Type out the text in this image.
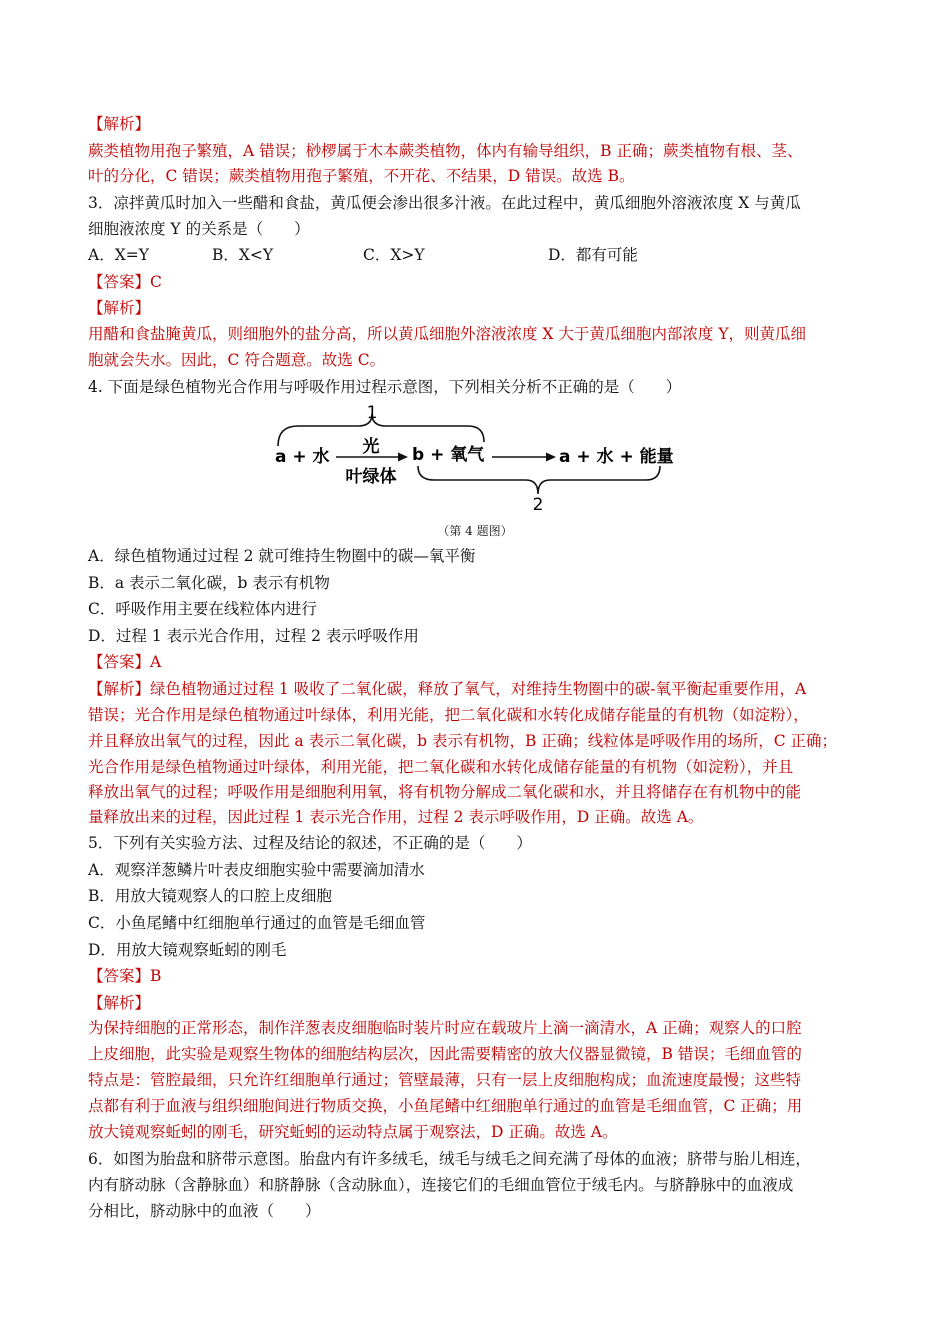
【解析】
蕨类植物用孢子繁殖，A 错误；桫椤属于木本蕨类植物，体内有输导组织，B 正确；蕨类植物有根、茎、
叶的分化，C 错误；蕨类植物用孢子繁殖，不开花、不结果，D 错误。故选 B。
3．凉拌黄瓜时加入一些醋和食盐，黄瓜便会渗出很多汁液。在此过程中，黄瓜细胞外溶液浓度 X 与黄瓜
细胞液浓度 Y 的关系是（　　）
A．X=Y	B．X<Y	C．X>Y	D．都有可能
【答案】C
【解析】
用醋和食盐腌黄瓜，则细胞外的盐分高，所以黄瓜细胞外溶液浓度 X 大于黄瓜细胞内部浓度 Y，则黄瓜细
胞就会失水。因此，C 符合题意。故选 C。
4. 下面是绿色植物光合作用与呼吸作用过程示意图，下列相关分析不正确的是（　　）
1
a + 水 光
叶绿体
b + 氧气	a + 水 + 能量
2
（第 4 题图）
A．绿色植物通过过程 2 就可维持生物圈中的碳—氧平衡
B．a 表示二氧化碳，b 表示有机物
C．呼吸作用主要在线粒体内进行
D．过程 1 表示光合作用，过程 2 表示呼吸作用
【答案】A
【解析】绿色植物通过过程 1 吸收了二氧化碳，释放了氧气，对维持生物圈中的碳-氧平衡起重要作用，A
错误；光合作用是绿色植物通过叶绿体，利用光能，把二氧化碳和水转化成储存能量的有机物（如淀粉），
并且释放出氧气的过程，因此 a 表示二氧化碳，b 表示有机物，B 正确；线粒体是呼吸作用的场所，C 正确；
光合作用是绿色植物通过叶绿体，利用光能，把二氧化碳和水转化成储存能量的有机物（如淀粉），并且
释放出氧气的过程；呼吸作用是细胞利用氧，将有机物分解成二氧化碳和水，并且将储存在有机物中的能
量释放出来的过程，因此过程 1 表示光合作用，过程 2 表示呼吸作用，D 正确。故选 A。
5．下列有关实验方法、过程及结论的叙述，不正确的是（　　）
A．观察洋葱鳞片叶表皮细胞实验中需要滴加清水
B．用放大镜观察人的口腔上皮细胞
C．小鱼尾鳍中红细胞单行通过的血管是毛细血管
D．用放大镜观察蚯蚓的刚毛
【答案】B
【解析】
为保持细胞的正常形态，制作洋葱表皮细胞临时装片时应在载玻片上滴一滴清水，A 正确；观察人的口腔
上皮细胞，此实验是观察生物体的细胞结构层次，因此需要精密的放大仪器显微镜，B 错误；毛细血管的
特点是：管腔最细，只允许红细胞单行通过；管壁最薄，只有一层上皮细胞构成；血流速度最慢；这些特
点都有利于血液与组织细胞间进行物质交换，小鱼尾鳍中红细胞单行通过的血管是毛细血管，C 正确；用
放大镜观察蚯蚓的刚毛，研究蚯蚓的运动特点属于观察法，D 正确。故选 A。
6．如图为胎盘和脐带示意图。胎盘内有许多绒毛，绒毛与绒毛之间充满了母体的血液；脐带与胎儿相连，
内有脐动脉（含静脉血）和脐静脉（含动脉血），连接它们的毛细血管位于绒毛内。与脐静脉中的血液成
分相比，脐动脉中的血液（　　）
